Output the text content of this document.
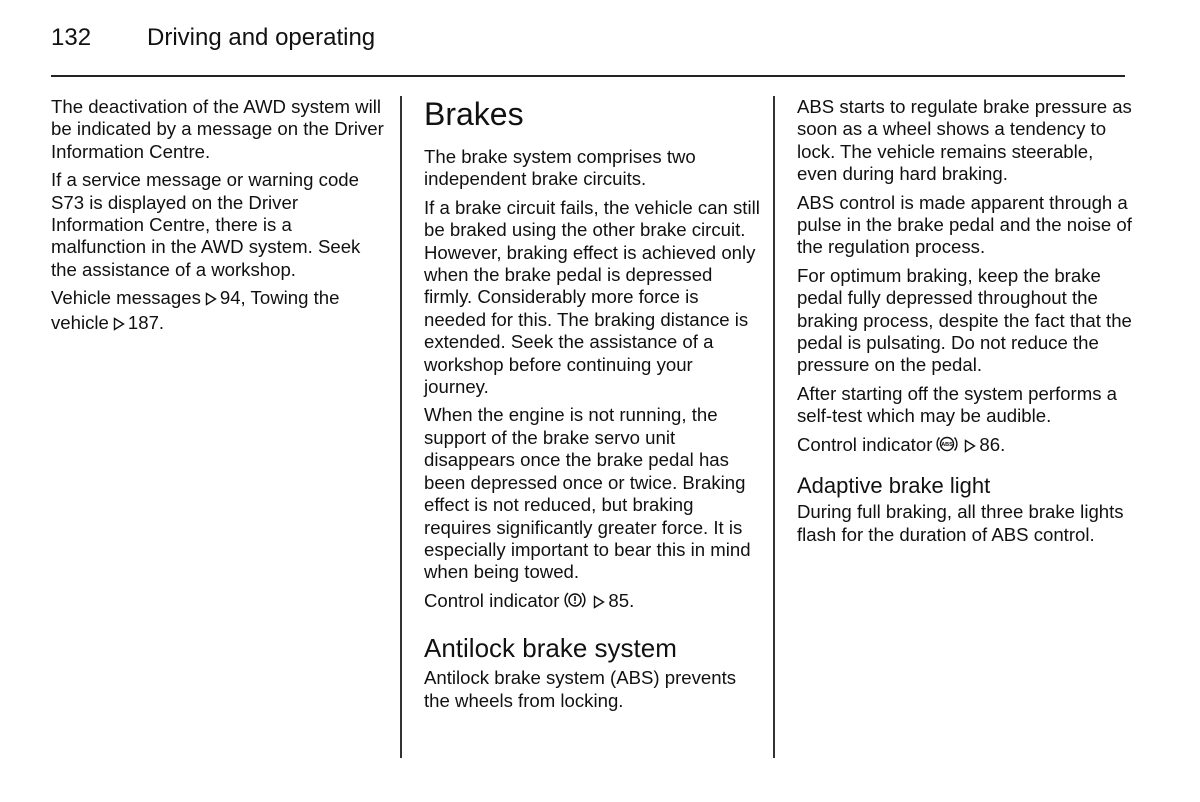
132	Driving and operating

The deactivation of the AWD system will be indicated by a message on the Driver Information Centre.

If a service message or warning code S73 is displayed on the Driver Information Centre, there is a malfunction in the AWD system. Seek the assistance of a workshop.

Vehicle messages 94, Towing the vehicle 187.

Brakes

The brake system comprises two independent brake circuits.

If a brake circuit fails, the vehicle can still be braked using the other brake circuit. However, braking effect is achieved only when the brake pedal is depressed firmly. Considerably more force is needed for this. The braking distance is extended. Seek the assistance of a workshop before continuing your journey.

When the engine is not running, the support of the brake servo unit disappears once the brake pedal has been depressed once or twice. Braking effect is not reduced, but braking requires significantly greater force. It is especially important to bear this in mind when being towed.

Control indicator	85.

Antilock brake system

Antilock brake system (ABS) prevents the wheels from locking.

ABS starts to regulate brake pressure as soon as a wheel shows a tendency to lock. The vehicle remains steerable, even during hard braking.

ABS control is made apparent through a pulse in the brake pedal and the noise of the regulation process.

For optimum braking, keep the brake pedal fully depressed throughout the braking process, despite the fact that the pedal is pulsating. Do not reduce the pressure on the pedal.

After starting off the system performs a self-test which may be audible.

Control indicator ABS 86.

Adaptive brake light

During full braking, all three brake lights flash for the duration of ABS control.
